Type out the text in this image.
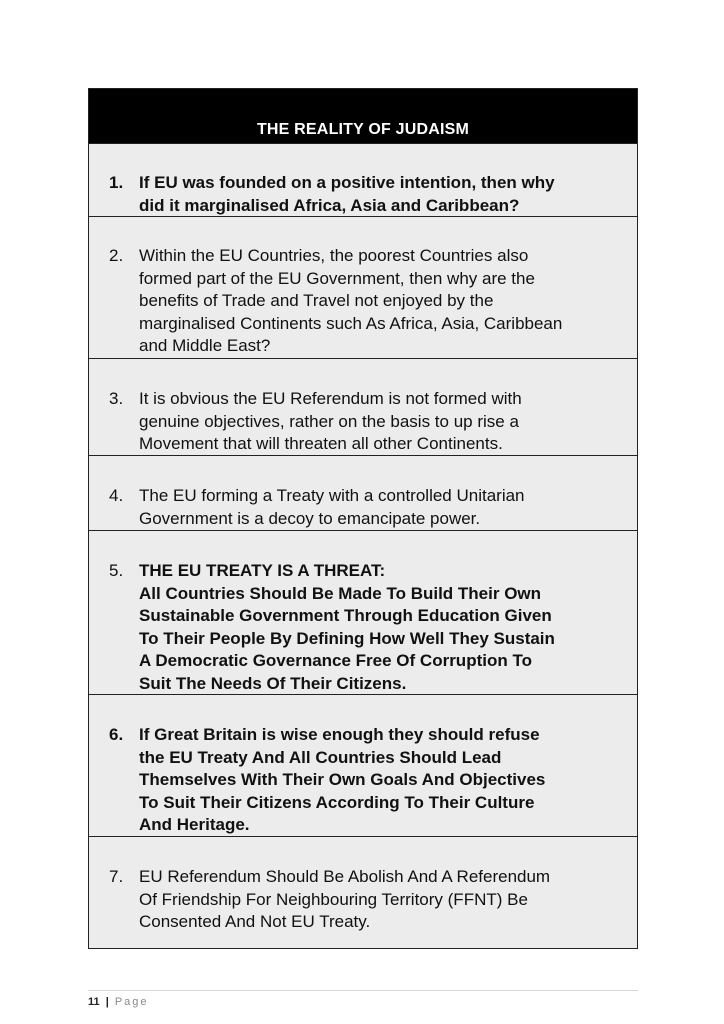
THE REALITY OF JUDAISM
1. If EU was founded on a positive intention, then why
did it marginalised Africa, Asia and Caribbean?
2. Within the EU Countries, the poorest Countries also
formed part of the EU Government, then why are the
benefits of Trade and Travel not enjoyed by the
marginalised Continents such As Africa, Asia, Caribbean
and Middle East?
3. It is obvious the EU Referendum is not formed with
genuine objectives, rather on the basis to up rise a
Movement that will threaten all other Continents.
4. The EU forming a Treaty with a controlled Unitarian
Government is a decoy to emancipate power.
5. THE EU TREATY IS A THREAT:
All Countries Should Be Made To Build Their Own
Sustainable Government Through Education Given
To Their People By Defining How Well They Sustain
A Democratic Governance Free Of Corruption To
Suit The Needs Of Their Citizens.
6. If Great Britain is wise enough they should refuse
the EU Treaty And All Countries Should Lead
Themselves With Their Own Goals And Objectives
To Suit Their Citizens According To Their Culture
And Heritage.
7. EU Referendum Should Be Abolish And A Referendum
Of Friendship For Neighbouring Territory (FFNT) Be
Consented And Not EU Treaty.
11 | Page
